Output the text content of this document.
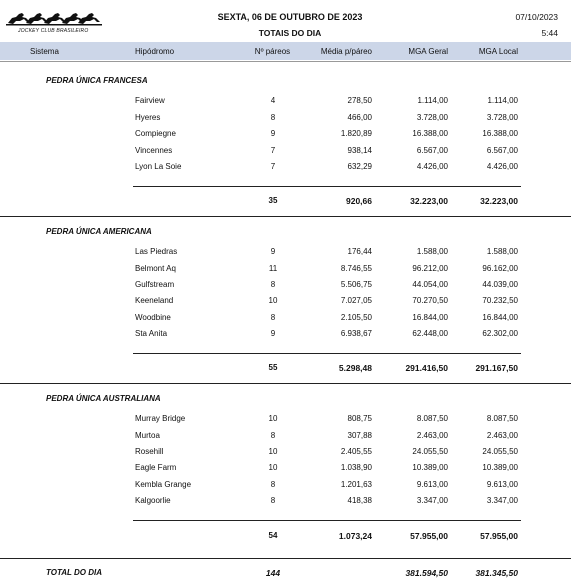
JOCKEY CLUB BRASILEIRO
SEXTA, 06 DE OUTUBRO DE 2023
TOTAIS DO DIA
07/10/2023
5:44
Sistema	Hipódromo	Nº páreos	Média p/páreo	MGA Geral	MGA Local
PEDRA ÚNICA FRANCESA
Fairview	4	278,50	1.114,00	1.114,00
Hyeres	8	466,00	3.728,00	3.728,00
Compiegne	9	1.820,89	16.388,00	16.388,00
Vincennes	7	938,14	6.567,00	6.567,00
Lyon La Soie	7	632,29	4.426,00	4.426,00
35	920,66	32.223,00	32.223,00
PEDRA ÚNICA AMERICANA
Las Piedras	9	176,44	1.588,00	1.588,00
Belmont Aq	11	8.746,55	96.212,00	96.162,00
Gulfstream	8	5.506,75	44.054,00	44.039,00
Keeneland	10	7.027,05	70.270,50	70.232,50
Woodbine	8	2.105,50	16.844,00	16.844,00
Sta Anita	9	6.938,67	62.448,00	62.302,00
55	5.298,48	291.416,50	291.167,50
PEDRA ÚNICA AUSTRALIANA
Murray Bridge	10	808,75	8.087,50	8.087,50
Murtoa	8	307,88	2.463,00	2.463,00
Rosehill	10	2.405,55	24.055,50	24.055,50
Eagle Farm	10	1.038,90	10.389,00	10.389,00
Kembla Grange	8	1.201,63	9.613,00	9.613,00
Kalgoorlie	8	418,38	3.347,00	3.347,00
54	1.073,24	57.955,00	57.955,00
TOTAL DO DIA	144	381.594,50	381.345,50
